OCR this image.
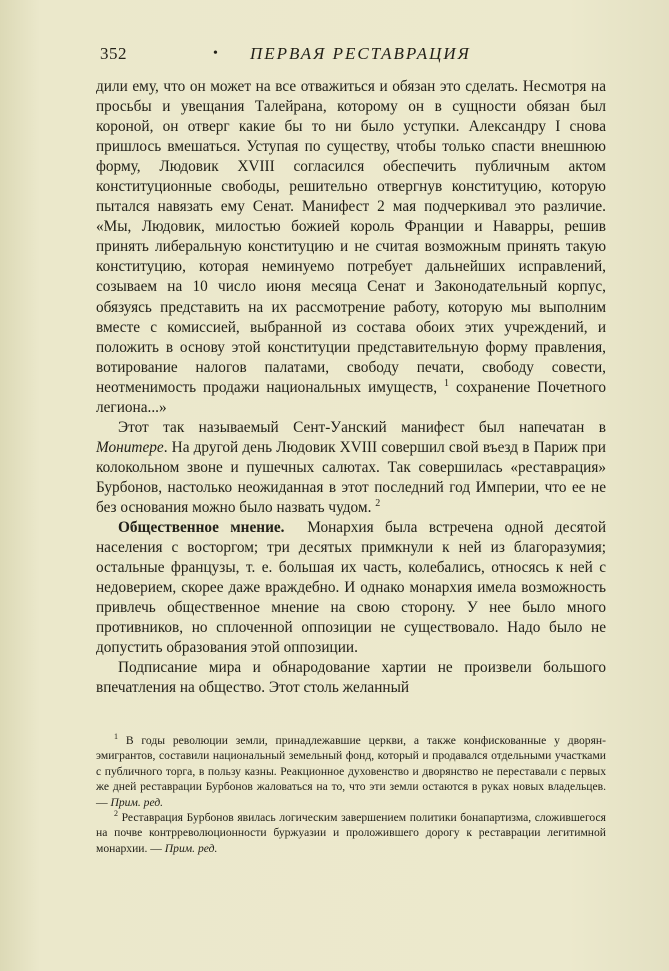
352	• ПЕРВАЯ РЕСТАВРАЦИЯ

дили ему, что он может на все отважиться и обязан это сделать. Несмотря на просьбы и увещания Талейрана, которому он в сущности обязан был короной, он отверг какие бы то ни было уступки. Александру I снова пришлось вмешаться. Уступая по существу, чтобы только спасти внешнюю форму, Людовик XVIII согласился обеспечить публичным актом конституционные свободы, решительно отвергнув конституцию, которую пытался навязать ему Сенат. Манифест 2 мая подчеркивал это различие. «Мы, Людовик, милостью божией король Франции и Наварры, решив принять либеральную конституцию и не считая возможным принять такую конституцию, которая неминуемо потребует дальнейших исправлений, созываем на 10 число июня месяца Сенат и Законодательный корпус, обязуясь представить на их рассмотрение работу, которую мы выполним вместе с комиссией, выбранной из состава обоих этих учреждений, и положить в основу этой конституции представительную форму правления, вотирование налогов палатами, свободу печати, свободу совести, неотменимость продажи национальных имуществ, $^1$ сохранение Почетного легиона...»

Этот так называемый Сент-Уанский манифест был напечатан в Монитере. На другой день Людовик XVIII совершил свой въезд в Париж при колокольном звоне и пушечных салютах. Так совершилась «реставрация» Бурбонов, настолько неожиданная в этот последний год Империи, что ее не без основания можно было назвать чудом. $^2$

Общественное мнение. Монархия была встречена одной десятой населения с восторгом; три десятых примкнули к ней из благоразумия; остальные французы, т. е. большая их часть, колебались, относясь к ней с недоверием, скорее даже враждебно. И однако монархия имела возможность привлечь общественное мнение на свою сторону. У нее было много противников, но сплоченной оппозиции не существовало. Надо было не допустить образования этой оппозиции.

Подписание мира и обнародование хартии не произвели большого впечатления на общество. Этот столь желанный

$^1$ В годы революции земли, принадлежавшие церкви, а также конфискованные у дворян-эмигрантов, составили национальный земельный фонд, который и продавался отдельными участками с публичного торга, в пользу казны. Реакционное духовенство и дворянство не переставали с первых же дней реставрации Бурбонов жаловаться на то, что эти земли остаются в руках новых владельцев. — Прим. ред.

$^2$ Реставрация Бурбонов явилась логическим завершением политики бонапартизма, сложившегося на почве контрреволюционности буржуазии и проложившего дорогу к реставрации легитимной монархии. — Прим. ред.
